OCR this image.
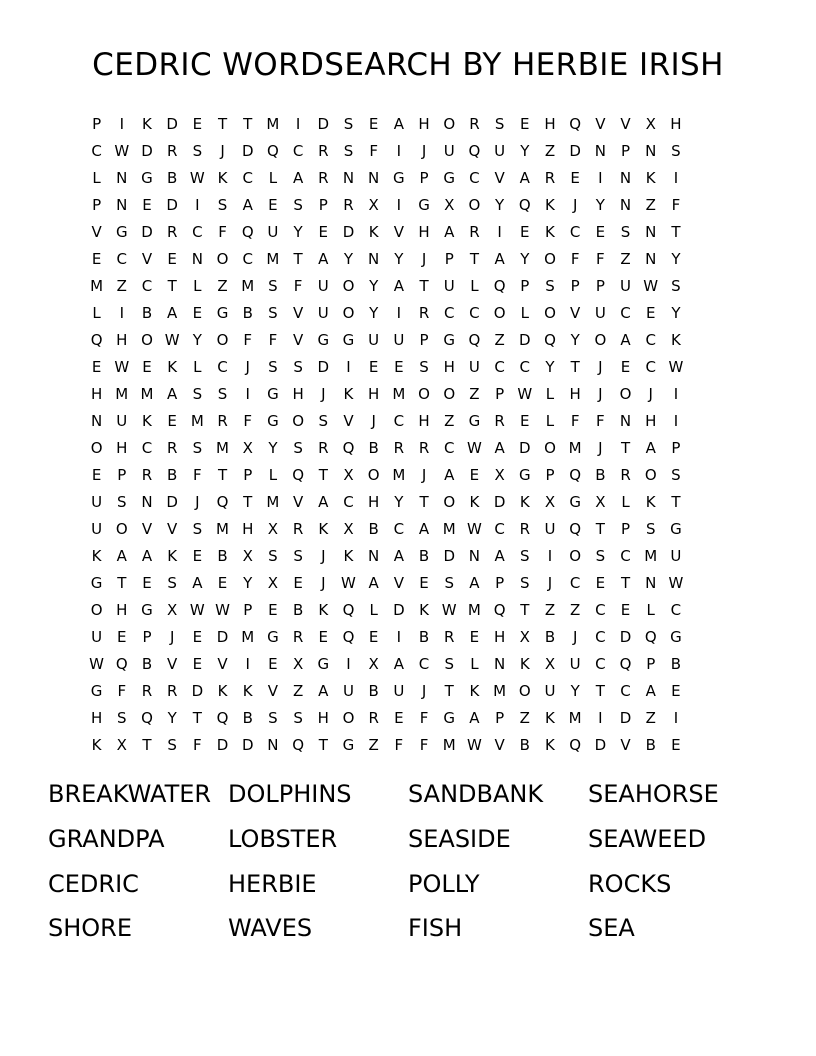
CEDRIC WORDSEARCH BY HERBIE IRISH
P	I	K D E	T	T M	I	D S	E	A H O R	S	E H Q V V X H
C W D R	S	J	D Q C R	S	F	I	J	U Q U	Y	Z D N	P	N S
L	N G B W K	C	L	A R N N G P G C V A R	E	I	N K	I
P	N E D	I	S	A	E	S	P	R X	I	G X O Y Q K	J	Y N Z	F
V G D R C	F Q U	Y	E D K	V H A R	I	E	K	C	E	S N T
E	C V	E N O C M T	A	Y N Y	J	P	T	A	Y O F	F	Z N Y
M Z C	T	L	Z M S	F	U O Y	A	T	U	L	Q P	S	P	P	U W S
L	I	B A	E G B	S	V U O Y	I	R C C O	L	O V U C	E	Y
Q H O W Y O F	F	V G G U U	P G Q Z D Q Y O A C	K
E W E	K	L	C	J	S	S D	I	E	E	S H U C C	Y	T	J	E	C W
H M M A	S	S	I	G H	J	K H M O O Z	P W L	H	J	O	J	I
N U K	E M R	F	G O S	V	J	C H Z G R	E	L	F	F	N H	I
O H C R	S M X	Y	S	R Q B R R C W A D O M	J	T	A	P
E	P	R B	F	T	P	L	Q T	X O M	J	A	E	X G P Q B R O S
U S N D	J	Q T M V A C H Y	T O K D K	X G X	L	K	T
U O V V	S M H X R	K	X B C A M W C R U Q T	P	S G
K	A A	K	E	B X	S	S	J	K N A B D N A	S	I	O S	C M U
G T	E	S	A	E	Y	X	E	J	W A V	E	S	A	P	S	J	C	E	T N W
O H G X W W P	E	B	K Q	L	D K W M Q T	Z Z C	E	L	C
U E	P	J	E D M G R	E Q E	I	B R	E H X B	J	C D Q G
W Q B V	E	V	I	E	X G	I	X A C	S	L	N K	X U C Q P	B
G	F	R R D K	K	V Z A U B U	J	T	K M O U	Y	T	C A	E
H S Q Y	T Q B	S	S H O R	E	F	G A	P	Z	K M	I	D Z	I
K	X	T	S	F	D D N Q T G Z	F	F M W V B	K Q D V B	E
BREAKWATER DOLPHINS	SANDBANK	SEAHORSE
GRANDPA	LOBSTER	SEASIDE	SEAWEED
CEDRIC	HERBIE	POLLY	ROCKS
SHORE	WAVES	FISH	SEA
